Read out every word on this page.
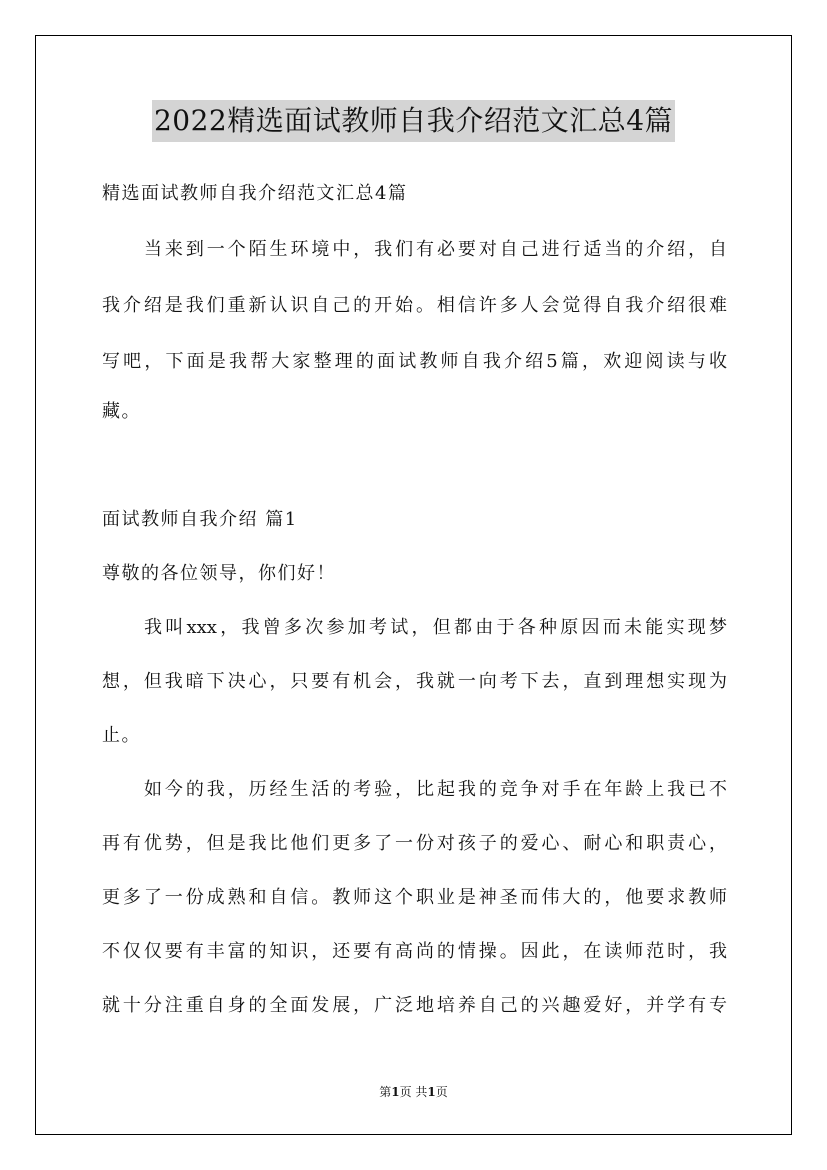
2022精选面试教师自我介绍范文汇总4篇
精选面试教师自我介绍范文汇总4篇
当来到一个陌生环境中，我们有必要对自己进行适当的介绍，自
我介绍是我们重新认识自己的开始。相信许多人会觉得自我介绍很难
写吧，下面是我帮大家整理的面试教师自我介绍5篇，欢迎阅读与收
藏。
面试教师自我介绍 篇1
尊敬的各位领导，你们好！
我叫xxx，我曾多次参加考试，但都由于各种原因而未能实现梦
想，但我暗下决心，只要有机会，我就一向考下去，直到理想实现为
止。
如今的我，历经生活的考验，比起我的竞争对手在年龄上我已不
再有优势，但是我比他们更多了一份对孩子的爱心、耐心和职责心，
更多了一份成熟和自信。教师这个职业是神圣而伟大的，他要求教师
不仅仅要有丰富的知识，还要有高尚的情操。因此，在读师范时，我
就十分注重自身的全面发展，广泛地培养自己的兴趣爱好，并学有专
第1页 共1页
